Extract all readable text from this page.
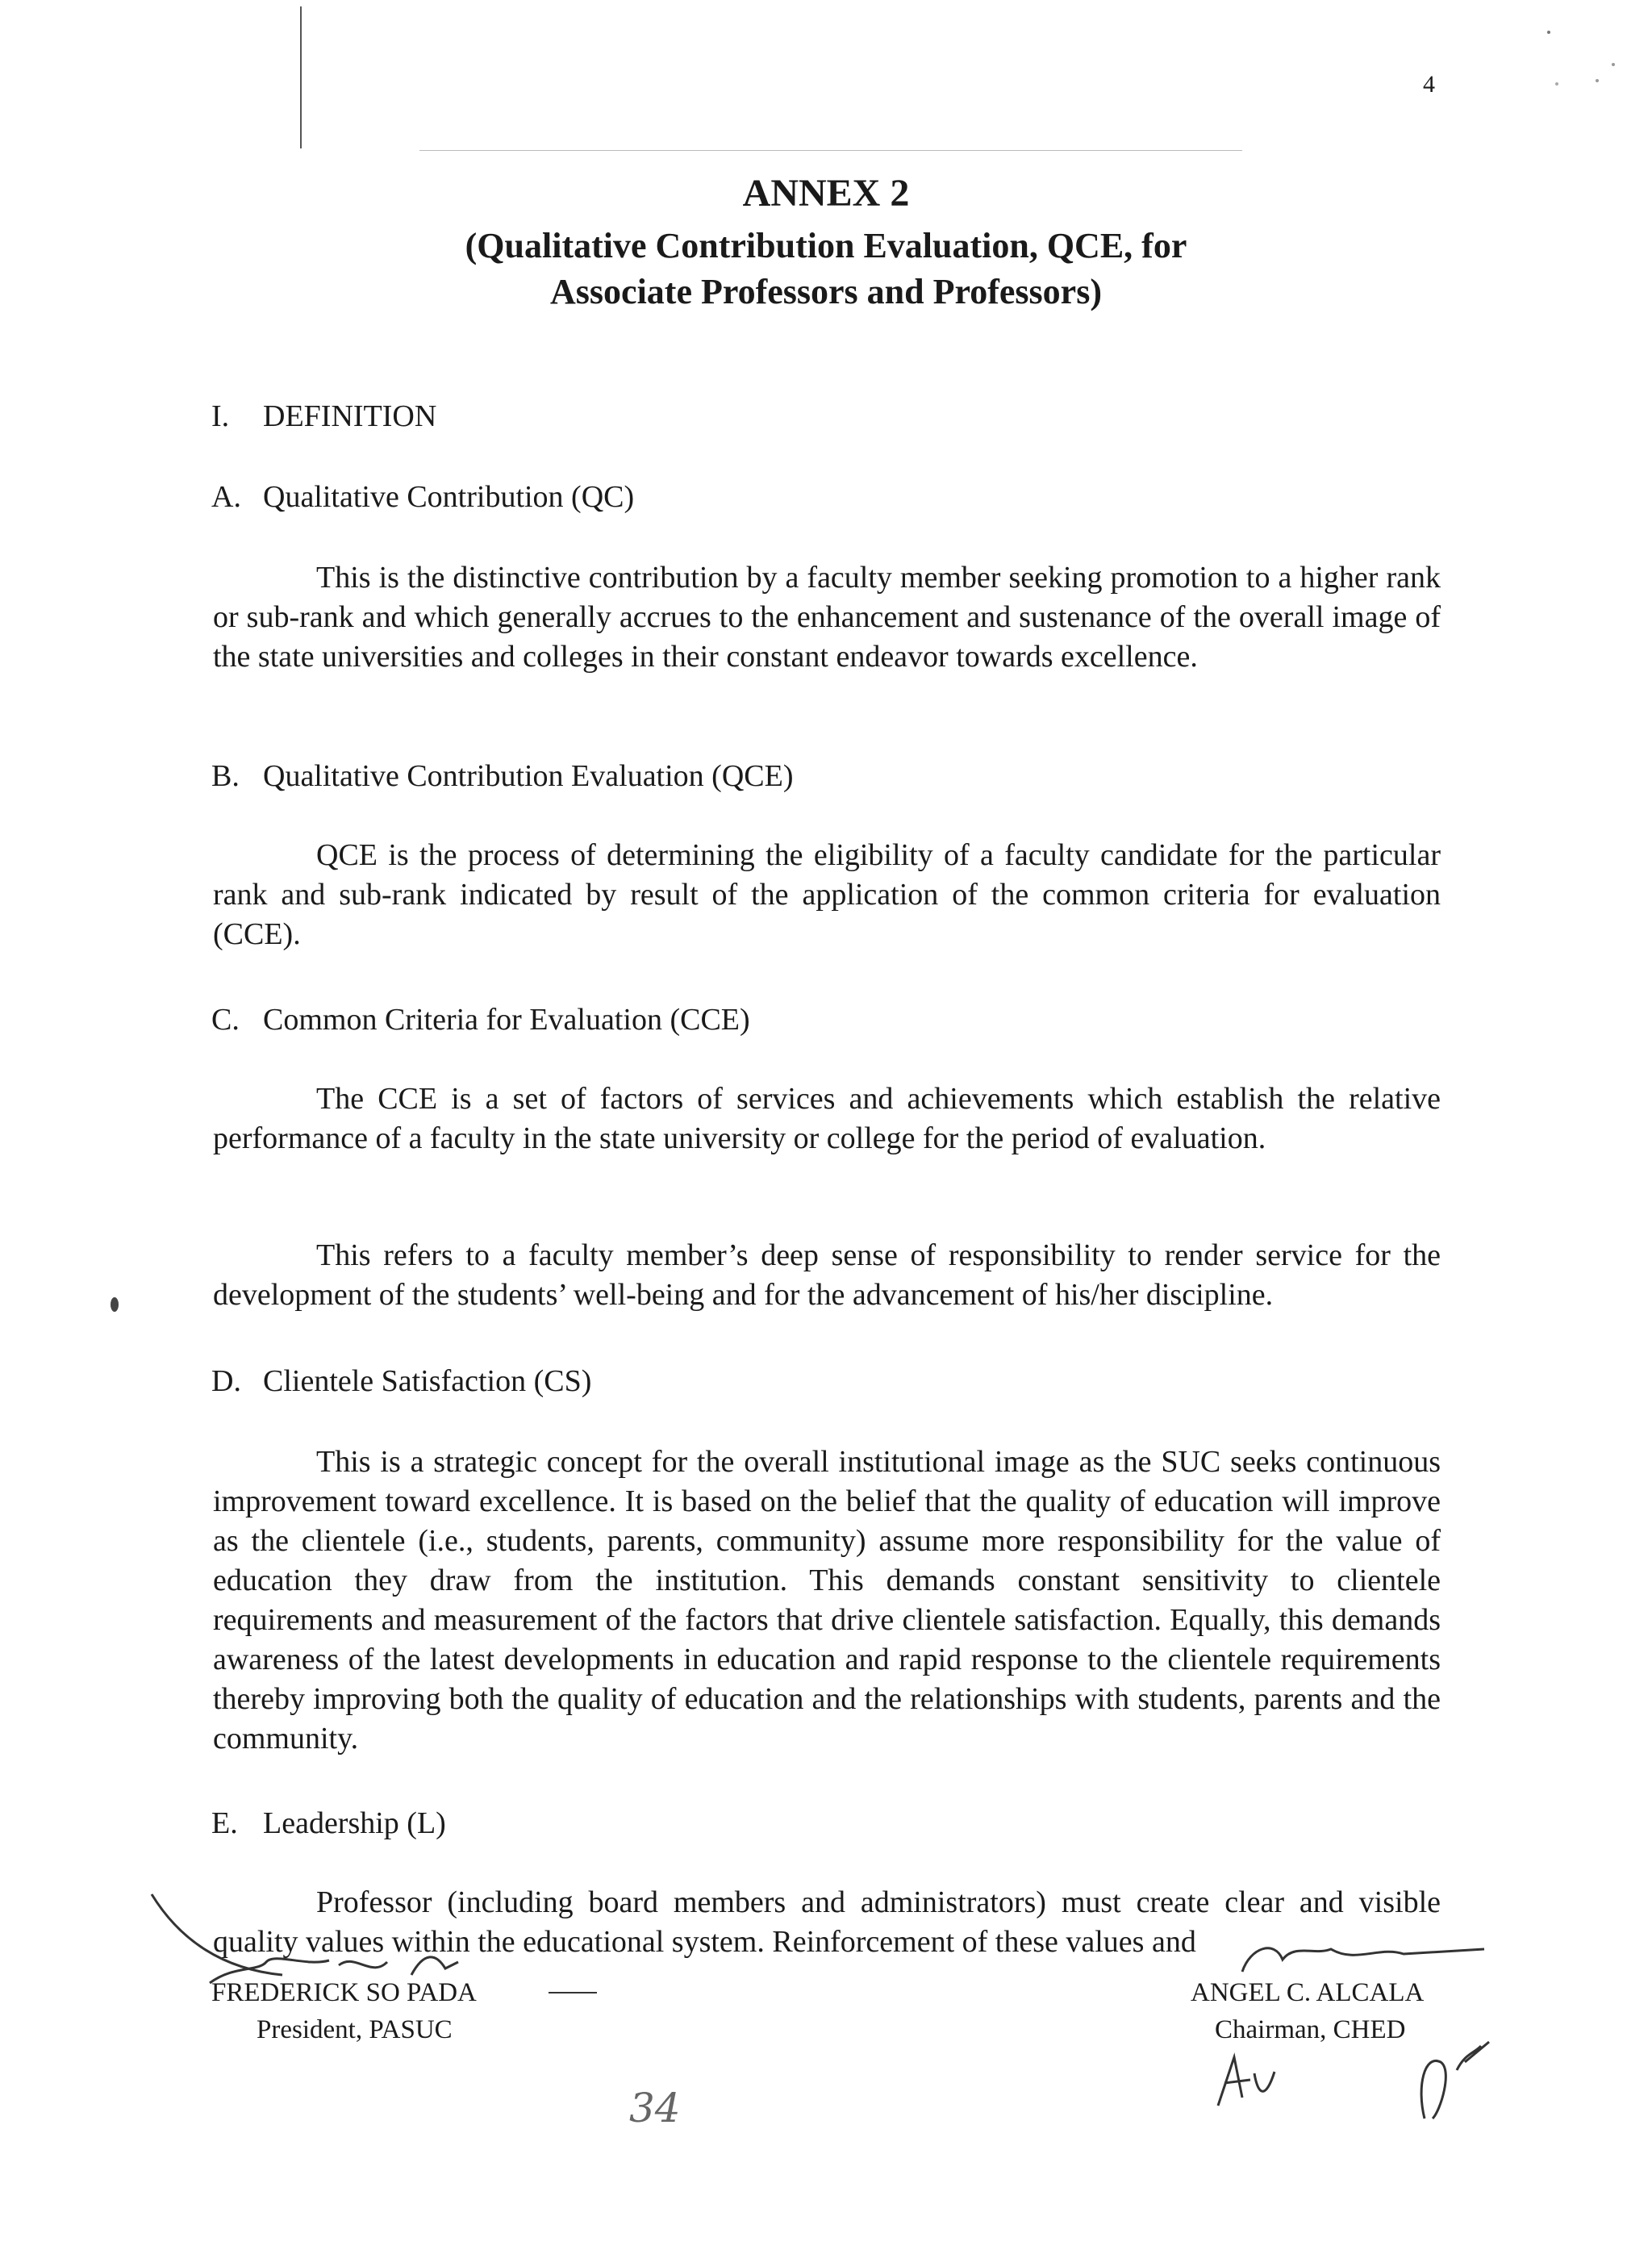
4
ANNEX 2
(Qualitative Contribution Evaluation, QCE, for
Associate Professors and Professors)
I. DEFINITION
A. Qualitative Contribution (QC)

This is the distinctive contribution by a faculty member seeking promotion to a higher rank or sub-rank and which generally accrues to the enhancement and sustenance of the overall image of the state universities and colleges in their constant endeavor towards excellence.

B. Qualitative Contribution Evaluation (QCE)

QCE is the process of determining the eligibility of a faculty candidate for the particular rank and sub-rank indicated by result of the application of the common criteria for evaluation (CCE).

C. Common Criteria for Evaluation (CCE)

The CCE is a set of factors of services and achievements which establish the relative performance of a faculty in the state university or college for the period of evaluation.

This refers to a faculty member’s deep sense of responsibility to render service for the development of the students’ well-being and for the advancement of his/her discipline.

D. Clientele Satisfaction (CS)

This is a strategic concept for the overall institutional image as the SUC seeks continuous improvement toward excellence. It is based on the belief that the quality of education will improve as the clientele (i.e., students, parents, community) assume more responsibility for the value of education they draw from the institution. This demands constant sensitivity to clientele requirements and measurement of the factors that drive clientele satisfaction. Equally, this demands awareness of the latest developments in education and rapid response to the clientele requirements thereby improving both the quality of education and the relationships with students, parents and the community.

E. Leadership (L)

Professor (including board members and administrators) must create clear and visible quality values within the educational system. Reinforcement of these values and

FREDERICK SO PADA
President, PASUC
ANGEL C. ALCALA
Chairman, CHED
34
